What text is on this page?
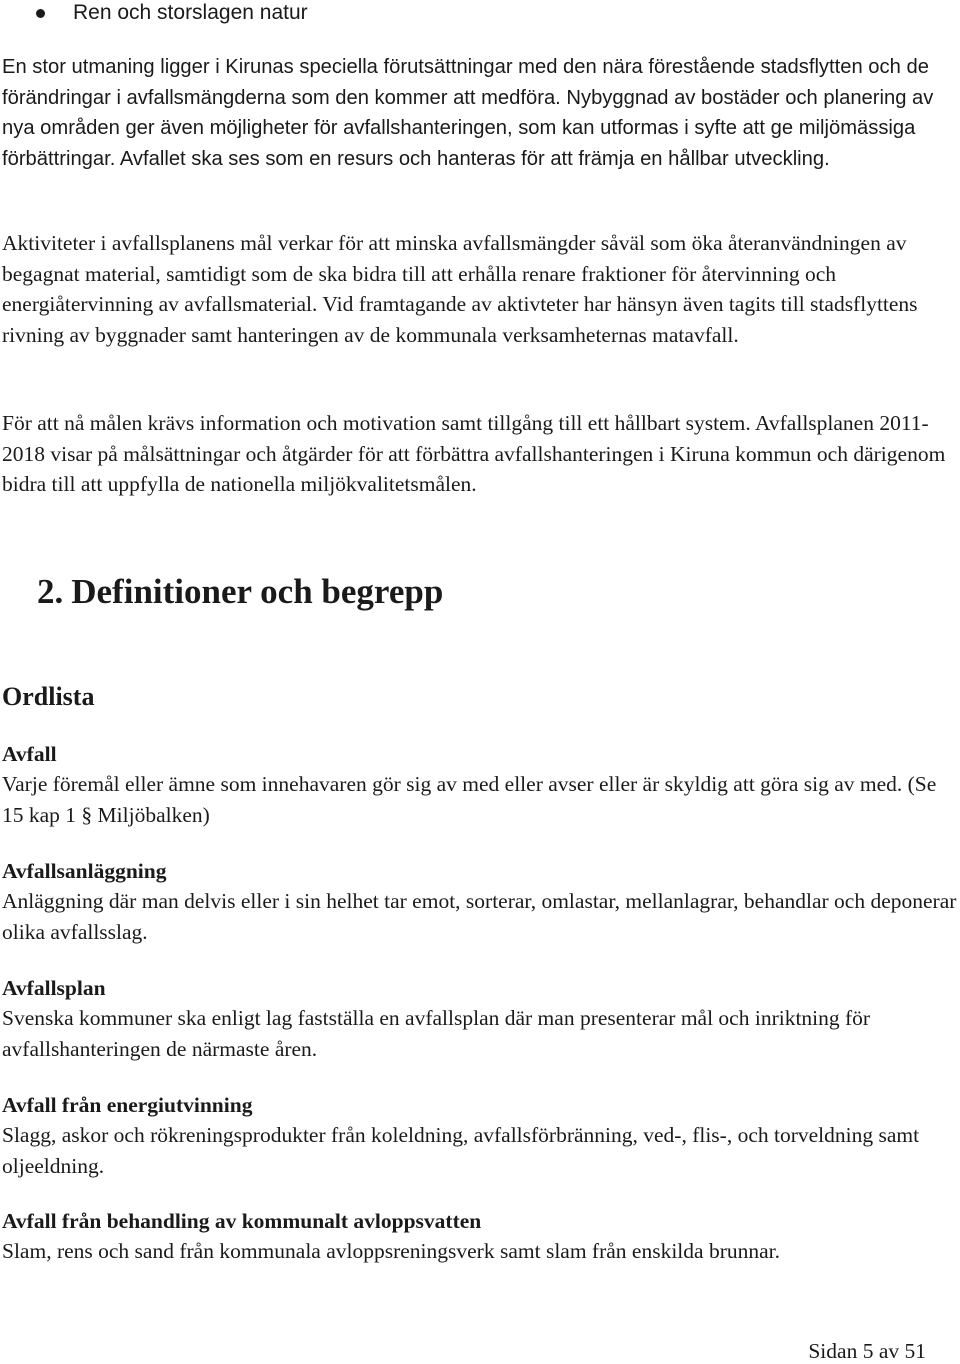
Ren och storslagen natur

En stor utmaning ligger i Kirunas speciella förutsättningar med den nära förestående stadsflytten och de förändringar i avfallsmängderna som den kommer att medföra. Nybyggnad av bostäder och planering av nya områden ger även möjligheter för avfallshanteringen, som kan utformas i syfte att ge miljömässiga förbättringar. Avfallet ska ses som en resurs och hanteras för att främja en hållbar utveckling.

Aktiviteter i avfallsplanens mål verkar för att minska avfallsmängder såväl som öka återanvändningen av begagnat material, samtidigt som de ska bidra till att erhålla renare fraktioner för återvinning och energiåtervinning av avfallsmaterial. Vid framtagande av aktivteter har hänsyn även tagits till stadsflyttens rivning av byggnader samt hanteringen av de kommunala verksamheternas matavfall.

För att nå målen krävs information och motivation samt tillgång till ett hållbart system. Avfallsplanen 2011-2018 visar på målsättningar och åtgärder för att förbättra avfallshanteringen i Kiruna kommun och därigenom bidra till att uppfylla de nationella miljökvalitetsmålen.

2. Definitioner och begrepp
Ordlista

Avfall

Varje föremål eller ämne som innehavaren gör sig av med eller avser eller är skyldig att göra sig av med. (Se 15 kap 1 § Miljöbalken)

Avfallsanläggning

Anläggning där man delvis eller i sin helhet tar emot, sorterar, omlastar, mellanlagrar, behandlar och deponerar olika avfallsslag.

Avfallsplan

Svenska kommuner ska enligt lag fastställa en avfallsplan där man presenterar mål och inriktning för avfallshanteringen de närmaste åren.

Avfall från energiutvinning

Slagg, askor och rökreningsprodukter från koleldning, avfallsförbränning, ved-, flis-, och torveldning samt oljeeldning.

Avfall från behandling av kommunalt avloppsvatten

Slam, rens och sand från kommunala avloppsreningsverk samt slam från enskilda brunnar.

Sidan 5 av 51
